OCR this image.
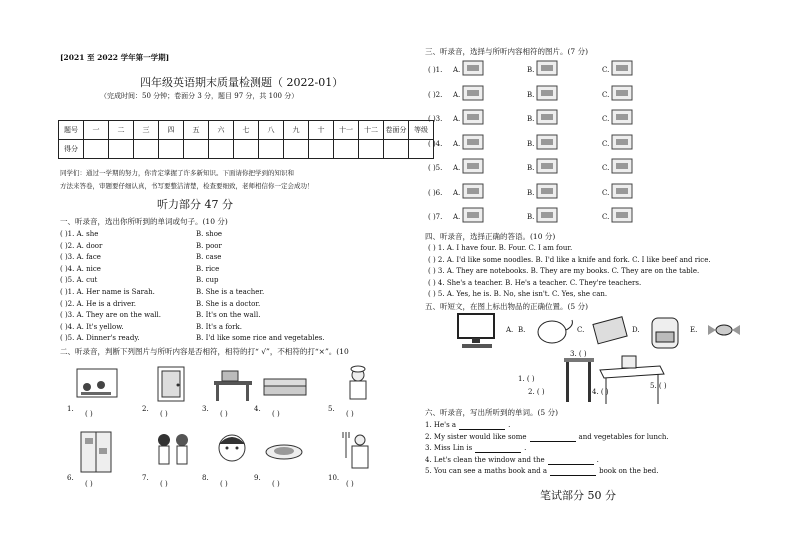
[2021 至 2022 学年第一学期]
四年级英语期末质量检测题（ 2022-01）
（完成时间：50 分钟；卷面分 3 分，题目 97 分，共 100 分）
题号	一	二	三	四	五	六	七	八	九	十	十一	十二	卷面分	等级
得分														
同学们：通过一学期的努力，你肯定掌握了许多新知识。下面请你把学到的知识和
方法来答卷，审题要仔细认真，书写要整洁清楚，检查要细致，老师相信你一定会成功！
听力部分 47 分
一、听录音，选出你所听到的单词或句子。(10 分)
( )1. A. she	B. shoe
( )2. A. door	B. poor
( )3. A. face	B. case
( )4. A. nice	B. rice
( )5. A. cut	B. cup
( )1. A. Her name is Sarah.	B. She is a teacher.
( )2. A. He is a driver.	B. She is a doctor.
( )3. A. They are on the wall.	B. It's on the wall.
( )4. A. It's yellow.	B. It's a fork.
( )5. A. Dinner's ready.	B. I'd like some rice and vegetables.
二、听录音，判断下列图片与所听内容是否相符，相符的打“ √”，不相符的打“×”。(10
1.
( )
2.
( )
3.
( )
4.
( )
5.
( )
6.
( )
7.
( )
8.
( )
9.
( )
10.
( )
三、听录音，选择与所听内容相符的图片。(7 分)
( )1. A.	B.	C.
( )2. A.	B.	C.
( )3. A.	B.	C.
( )4. A.	B.	C.
( )5. A.	B.	C.
( )6. A.	B.	C.
( )7. A.	B.	C.
四、听录音，选择正确的答语。(10 分)
( ) 1. A. I have four. B. Four. C. I am four.
( ) 2. A. I'd like some noodles. B. I'd like a knife and fork. C. I like beef and rice.
( ) 3. A. They are notebooks. B. They are my books. C. They are on the table.
( ) 4. She's a teacher. B. He's a teacher. C. They're teachers.
( ) 5. A. Yes, he is. B. No, she isn't. C. Yes, she can.
五、听短文，在图上标出物品的正确位置。(5 分)
A. B.	C.	D.	E.
3. ( )
1. ( )
2. ( )	4. ( )
5. ( )
六、听录音，写出所听到的单词。(5 分)
1. He's a	.
2. My sister would like some	and vegetables for lunch.
3. Miss Lin is	.
4. Let's clean the window and the	.
5. You can see a maths book and a	book on the bed.
笔试部分 50 分
